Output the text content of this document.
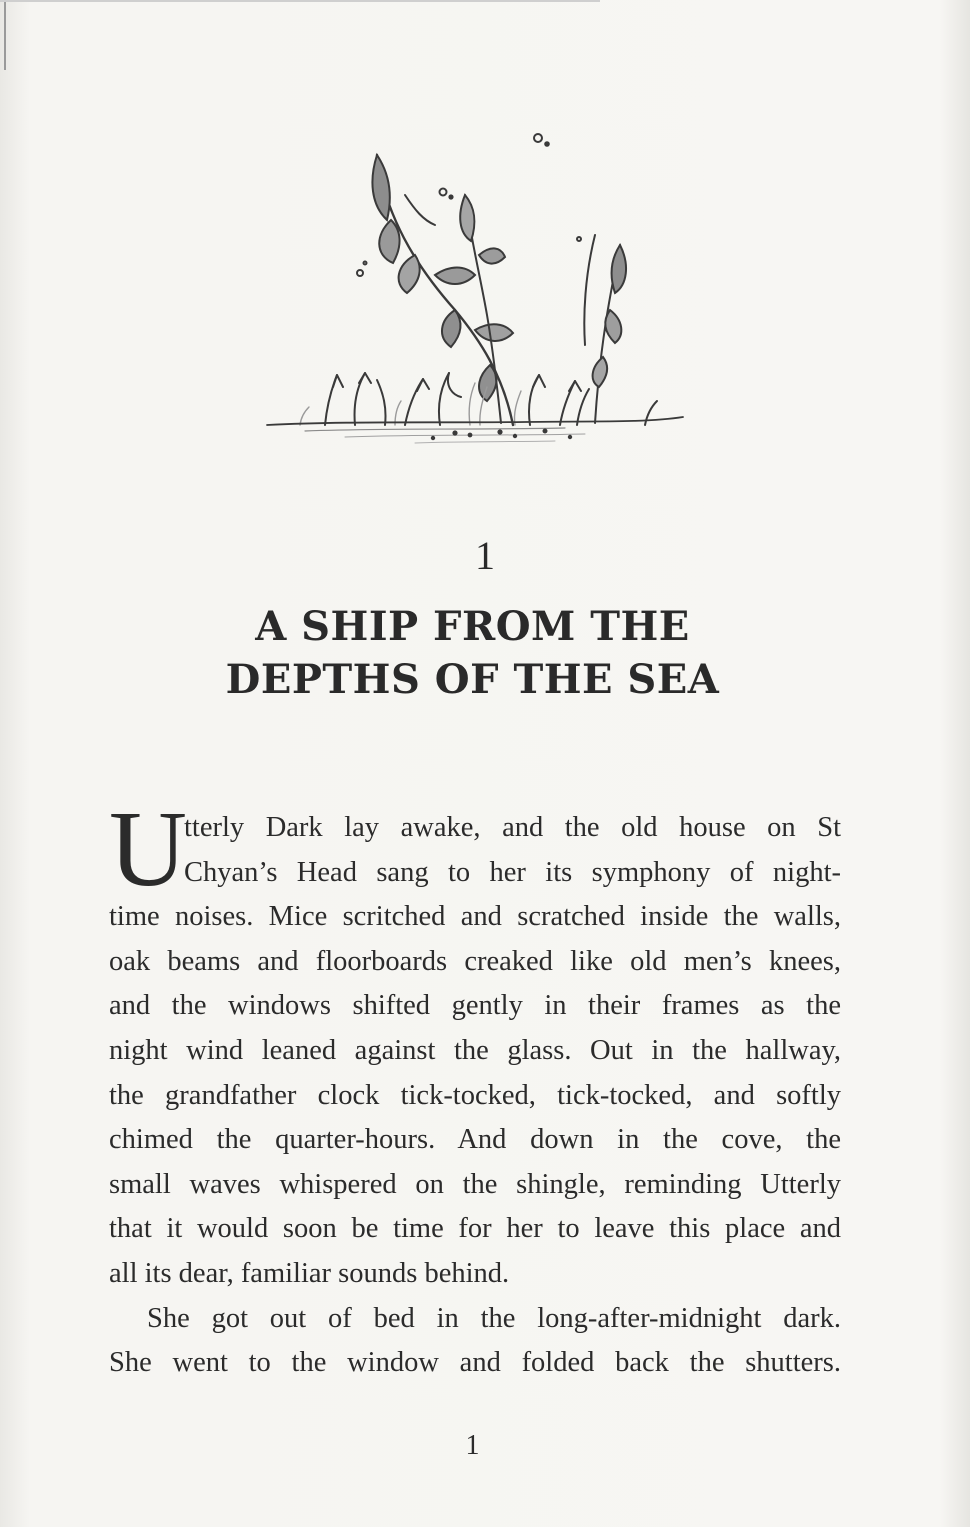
1
A SHIP FROM THE
DEPTHS OF THE SEA
U

tterly Dark lay awake, and the old house on St
Chyan’s Head sang to her its symphony of night-
time noises. Mice scritched and scratched inside the walls,
oak beams and floorboards creaked like old men’s knees,
and the windows shifted gently in their frames as the
night wind leaned against the glass. Out in the hallway,
the grandfather clock tick-tocked, tick-tocked, and softly
chimed the quarter-hours. And down in the cove, the
small waves whispered on the shingle, reminding Utterly
that it would soon be time for her to leave this place and
all its dear, familiar sounds behind.

She got out of bed in the long-after-midnight dark.
She went to the window and folded back the shutters.

1
